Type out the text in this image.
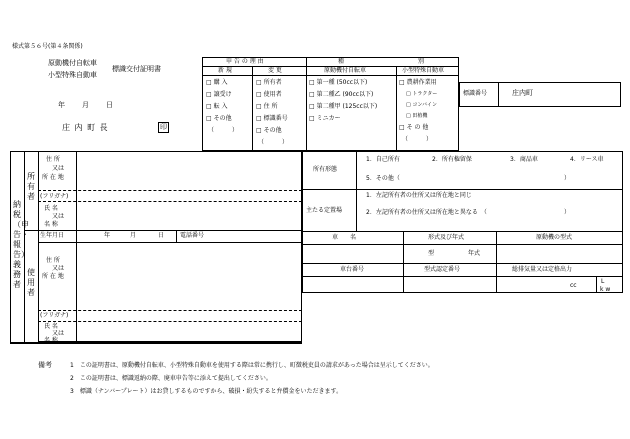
様式第５６号(第４条関係)
原動機付自転車
小型特殊自動車
標識交付証明書
年 月 日
庄 内 町 長	印
申 告 の 理 由	種	別
新 規	変 更	原動機付自転車	小型特殊自動車
□ 購 入
□ 譲受け
□ 転 入
□ その他
（　　　）
□ 所有者
□ 使用者
□ 住 所
□ 標識番号
□ その他
（　　　）
□ 第一種 (50cc以下)
□ 第二種乙 (90cc以下)
□ 第二種甲 (125cc以下)
□ ミニカー
□ 農耕作業用
□ トラクター
□ コンバイン
□ 田植機
□ そ の 他
（　　　）
標識番号	庄内町
納税（申告・報告）義務者
所有者
住 所
又は
所 在 地
(フリガナ)
氏 名
又は
名 称
生年月日	年	月	日	電話番号
使用者
住 所
又は
所 在 地
(フリガナ)
氏 名
又は
名 称
所有形態
1．自己所有	2．所有権留保	3．商品車	4．リース車
5．その他（	）
主たる定置場
1．左記所有者の住所又は所在地と同じ
2．左記所有者の住所又は所在地と異なる　（	）
車　　名	形式及び年式	原動機の型式
型	年式
車台番号	型式認定番号	総排気量又は定格出力
cc
L
k w
備考	1　この証明書は、原動機付自転車、小型特殊自動車を使用する際は常に携行し、町徴税吏員の請求があった場合は呈示してください。
2　この証明書は、標識返納の際、廃車申告等に添えて提出してください。
3　標識（ナンバープレート）はお貸しするものですから、破損・紛失すると弁償金をいただきます。
